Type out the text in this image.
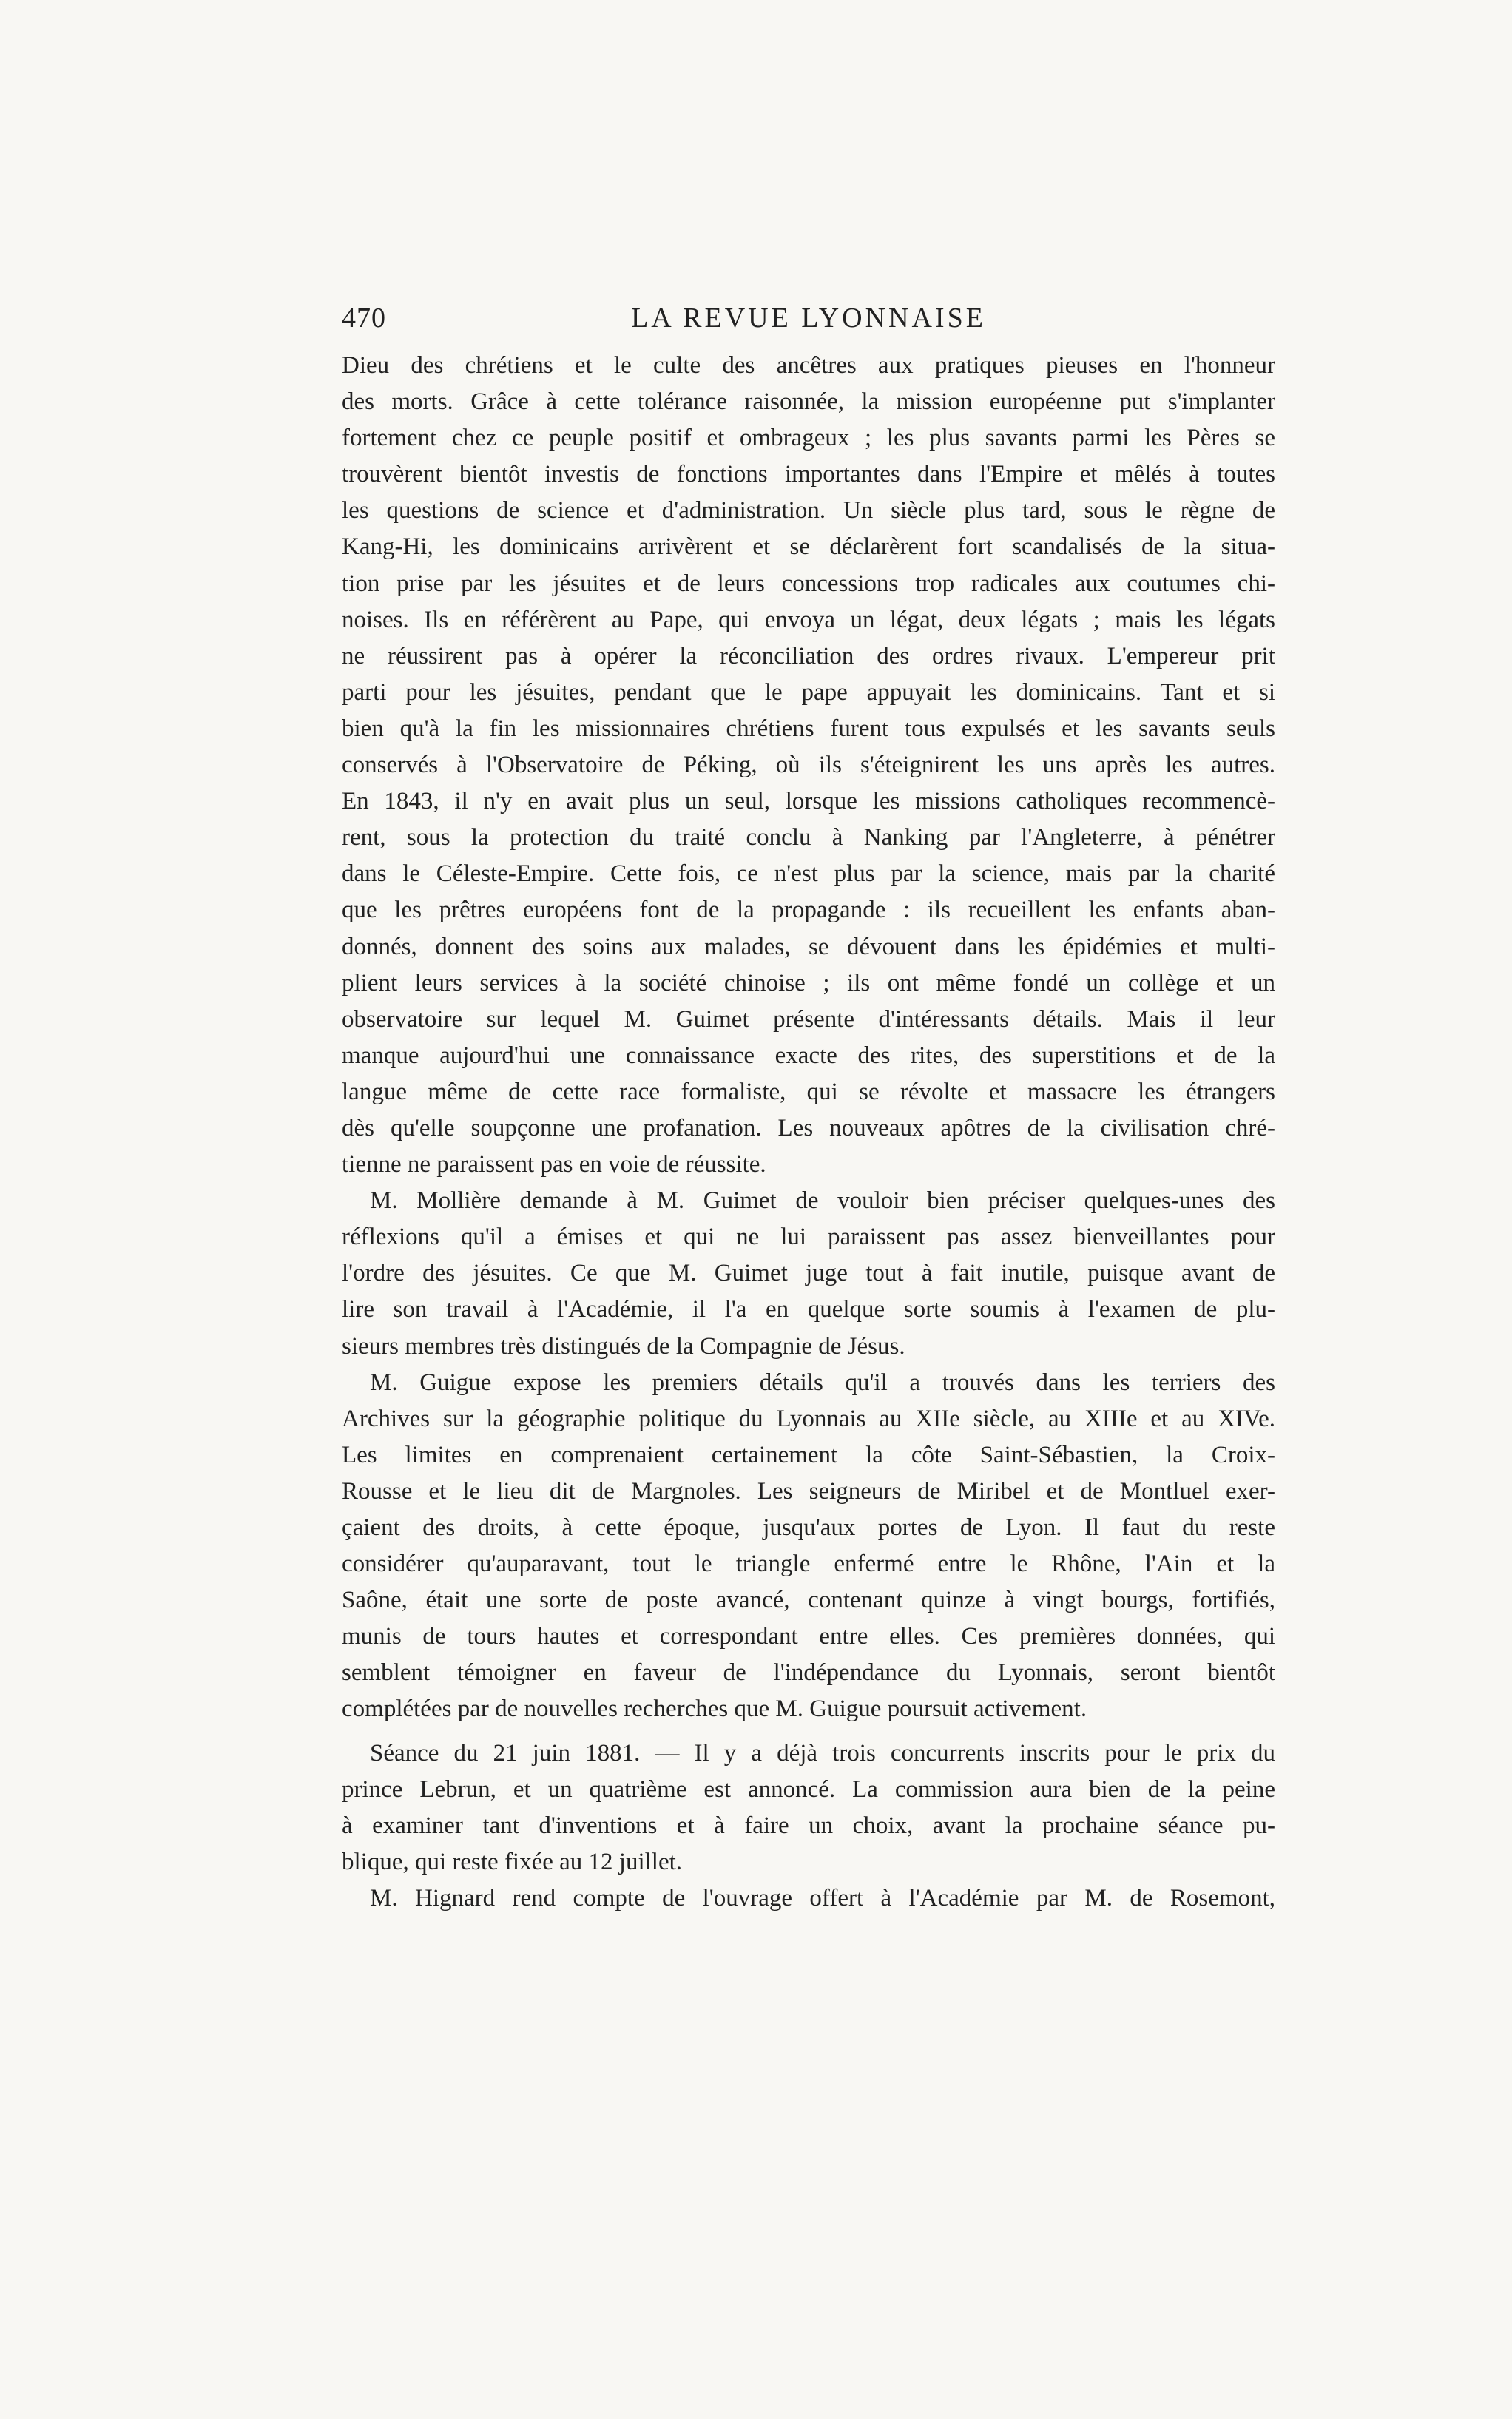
470	LA REVUE LYONNAISE
Dieu des chrétiens et le culte des ancêtres aux pratiques pieuses en l'honneur
des morts. Grâce à cette tolérance raisonnée, la mission européenne put s'implanter
fortement chez ce peuple positif et ombrageux ; les plus savants parmi les Pères se
trouvèrent bientôt investis de fonctions importantes dans l'Empire et mêlés à toutes
les questions de science et d'administration. Un siècle plus tard, sous le règne de
Kang-Hi, les dominicains arrivèrent et se déclarèrent fort scandalisés de la situa-
tion prise par les jésuites et de leurs concessions trop radicales aux coutumes chi-
noises. Ils en référèrent au Pape, qui envoya un légat, deux légats ; mais les légats
ne réussirent pas à opérer la réconciliation des ordres rivaux. L'empereur prit
parti pour les jésuites, pendant que le pape appuyait les dominicains. Tant et si
bien qu'à la fin les missionnaires chrétiens furent tous expulsés et les savants seuls
conservés à l'Observatoire de Péking, où ils s'éteignirent les uns après les autres.
En 1843, il n'y en avait plus un seul, lorsque les missions catholiques recommencè-
rent, sous la protection du traité conclu à Nanking par l'Angleterre, à pénétrer
dans le Céleste-Empire. Cette fois, ce n'est plus par la science, mais par la charité
que les prêtres européens font de la propagande : ils recueillent les enfants aban-
donnés, donnent des soins aux malades, se dévouent dans les épidémies et multi-
plient leurs services à la société chinoise ; ils ont même fondé un collège et un
observatoire sur lequel M. Guimet présente d'intéressants détails. Mais il leur
manque aujourd'hui une connaissance exacte des rites, des superstitions et de la
langue même de cette race formaliste, qui se révolte et massacre les étrangers
dès qu'elle soupçonne une profanation. Les nouveaux apôtres de la civilisation chré-
tienne ne paraissent pas en voie de réussite.
M. Mollière demande à M. Guimet de vouloir bien préciser quelques-unes des
réflexions qu'il a émises et qui ne lui paraissent pas assez bienveillantes pour
l'ordre des jésuites. Ce que M. Guimet juge tout à fait inutile, puisque avant de
lire son travail à l'Académie, il l'a en quelque sorte soumis à l'examen de plu-
sieurs membres très distingués de la Compagnie de Jésus.
M. Guigue expose les premiers détails qu'il a trouvés dans les terriers des
Archives sur la géographie politique du Lyonnais au XIIe siècle, au XIIIe et au XIVe.
Les limites en comprenaient certainement la côte Saint-Sébastien, la Croix-
Rousse et le lieu dit de Margnoles. Les seigneurs de Miribel et de Montluel exer-
çaient des droits, à cette époque, jusqu'aux portes de Lyon. Il faut du reste
considérer qu'auparavant, tout le triangle enfermé entre le Rhône, l'Ain et la
Saône, était une sorte de poste avancé, contenant quinze à vingt bourgs, fortifiés,
munis de tours hautes et correspondant entre elles. Ces premières données, qui
semblent témoigner en faveur de l'indépendance du Lyonnais, seront bientôt
complétées par de nouvelles recherches que M. Guigue poursuit activement.
Séance du 21 juin 1881. — Il y a déjà trois concurrents inscrits pour le prix du
prince Lebrun, et un quatrième est annoncé. La commission aura bien de la peine
à examiner tant d'inventions et à faire un choix, avant la prochaine séance pu-
blique, qui reste fixée au 12 juillet.
M. Hignard rend compte de l'ouvrage offert à l'Académie par M. de Rosemont,
